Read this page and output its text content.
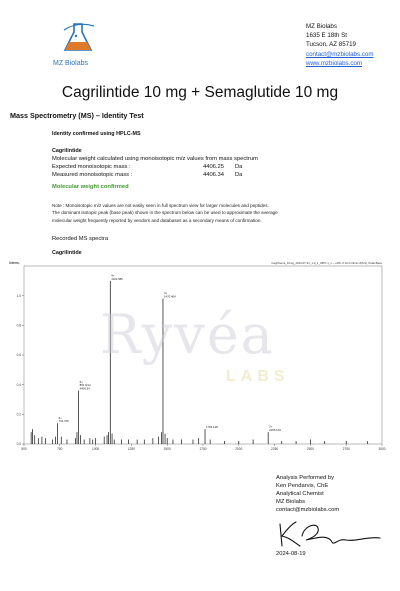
MZ Biolabs
MZ Biolabs
1635 E 18th St
Tucson, AZ 85719
contact@mzbiolabs.com
www.mzbiolabs.com
Cagrilintide 10 mg + Semaglutide 10 mg
Mass Spectrometry (MS) – Identity Test
Identity confirmed using HPLC-MS
Cagrilintide
Molecular weight calculated using monoisotopic m/z values from mass spectrum
Expected monoisotopic mass :	4406.25 Da
Measured monoisotopic mass :	4406.34 Da
Molecular weight confirmed
Note : Monoisotopic m/z values are not easily seen in full spectrum view for larger molecules and peptides.
The dominant isotopic peak (base peak) shown in the spectrum below can be used to approximate the average
molecular weight frequently reported by vendors and databases as a secondary means of confirmation.
Recorded MS spectra
Cagrilintide
Intens.	CagriSema_10mg_2024-07-31_1-0_1_3857-1_1 – +MS, 0.10-0.19min #(6-9), Peak Base
500	750	1000	1250	1500	1750	2000	2250	2500	2750	3000
1.0
0.8
0.6
0.4
0.2
0.0
6+ 734.706
5+ 881.6/14 4406.34
4+ 1102.586
3+ 1470.464
1764.128	2+ 2205.103
Ryvéa
LABS
Analysis Performed by
Ken Pendarvis, ChE
Analytical Chemist
MZ Biolabs
contact@mzbiolabs.com
2024-08-19
